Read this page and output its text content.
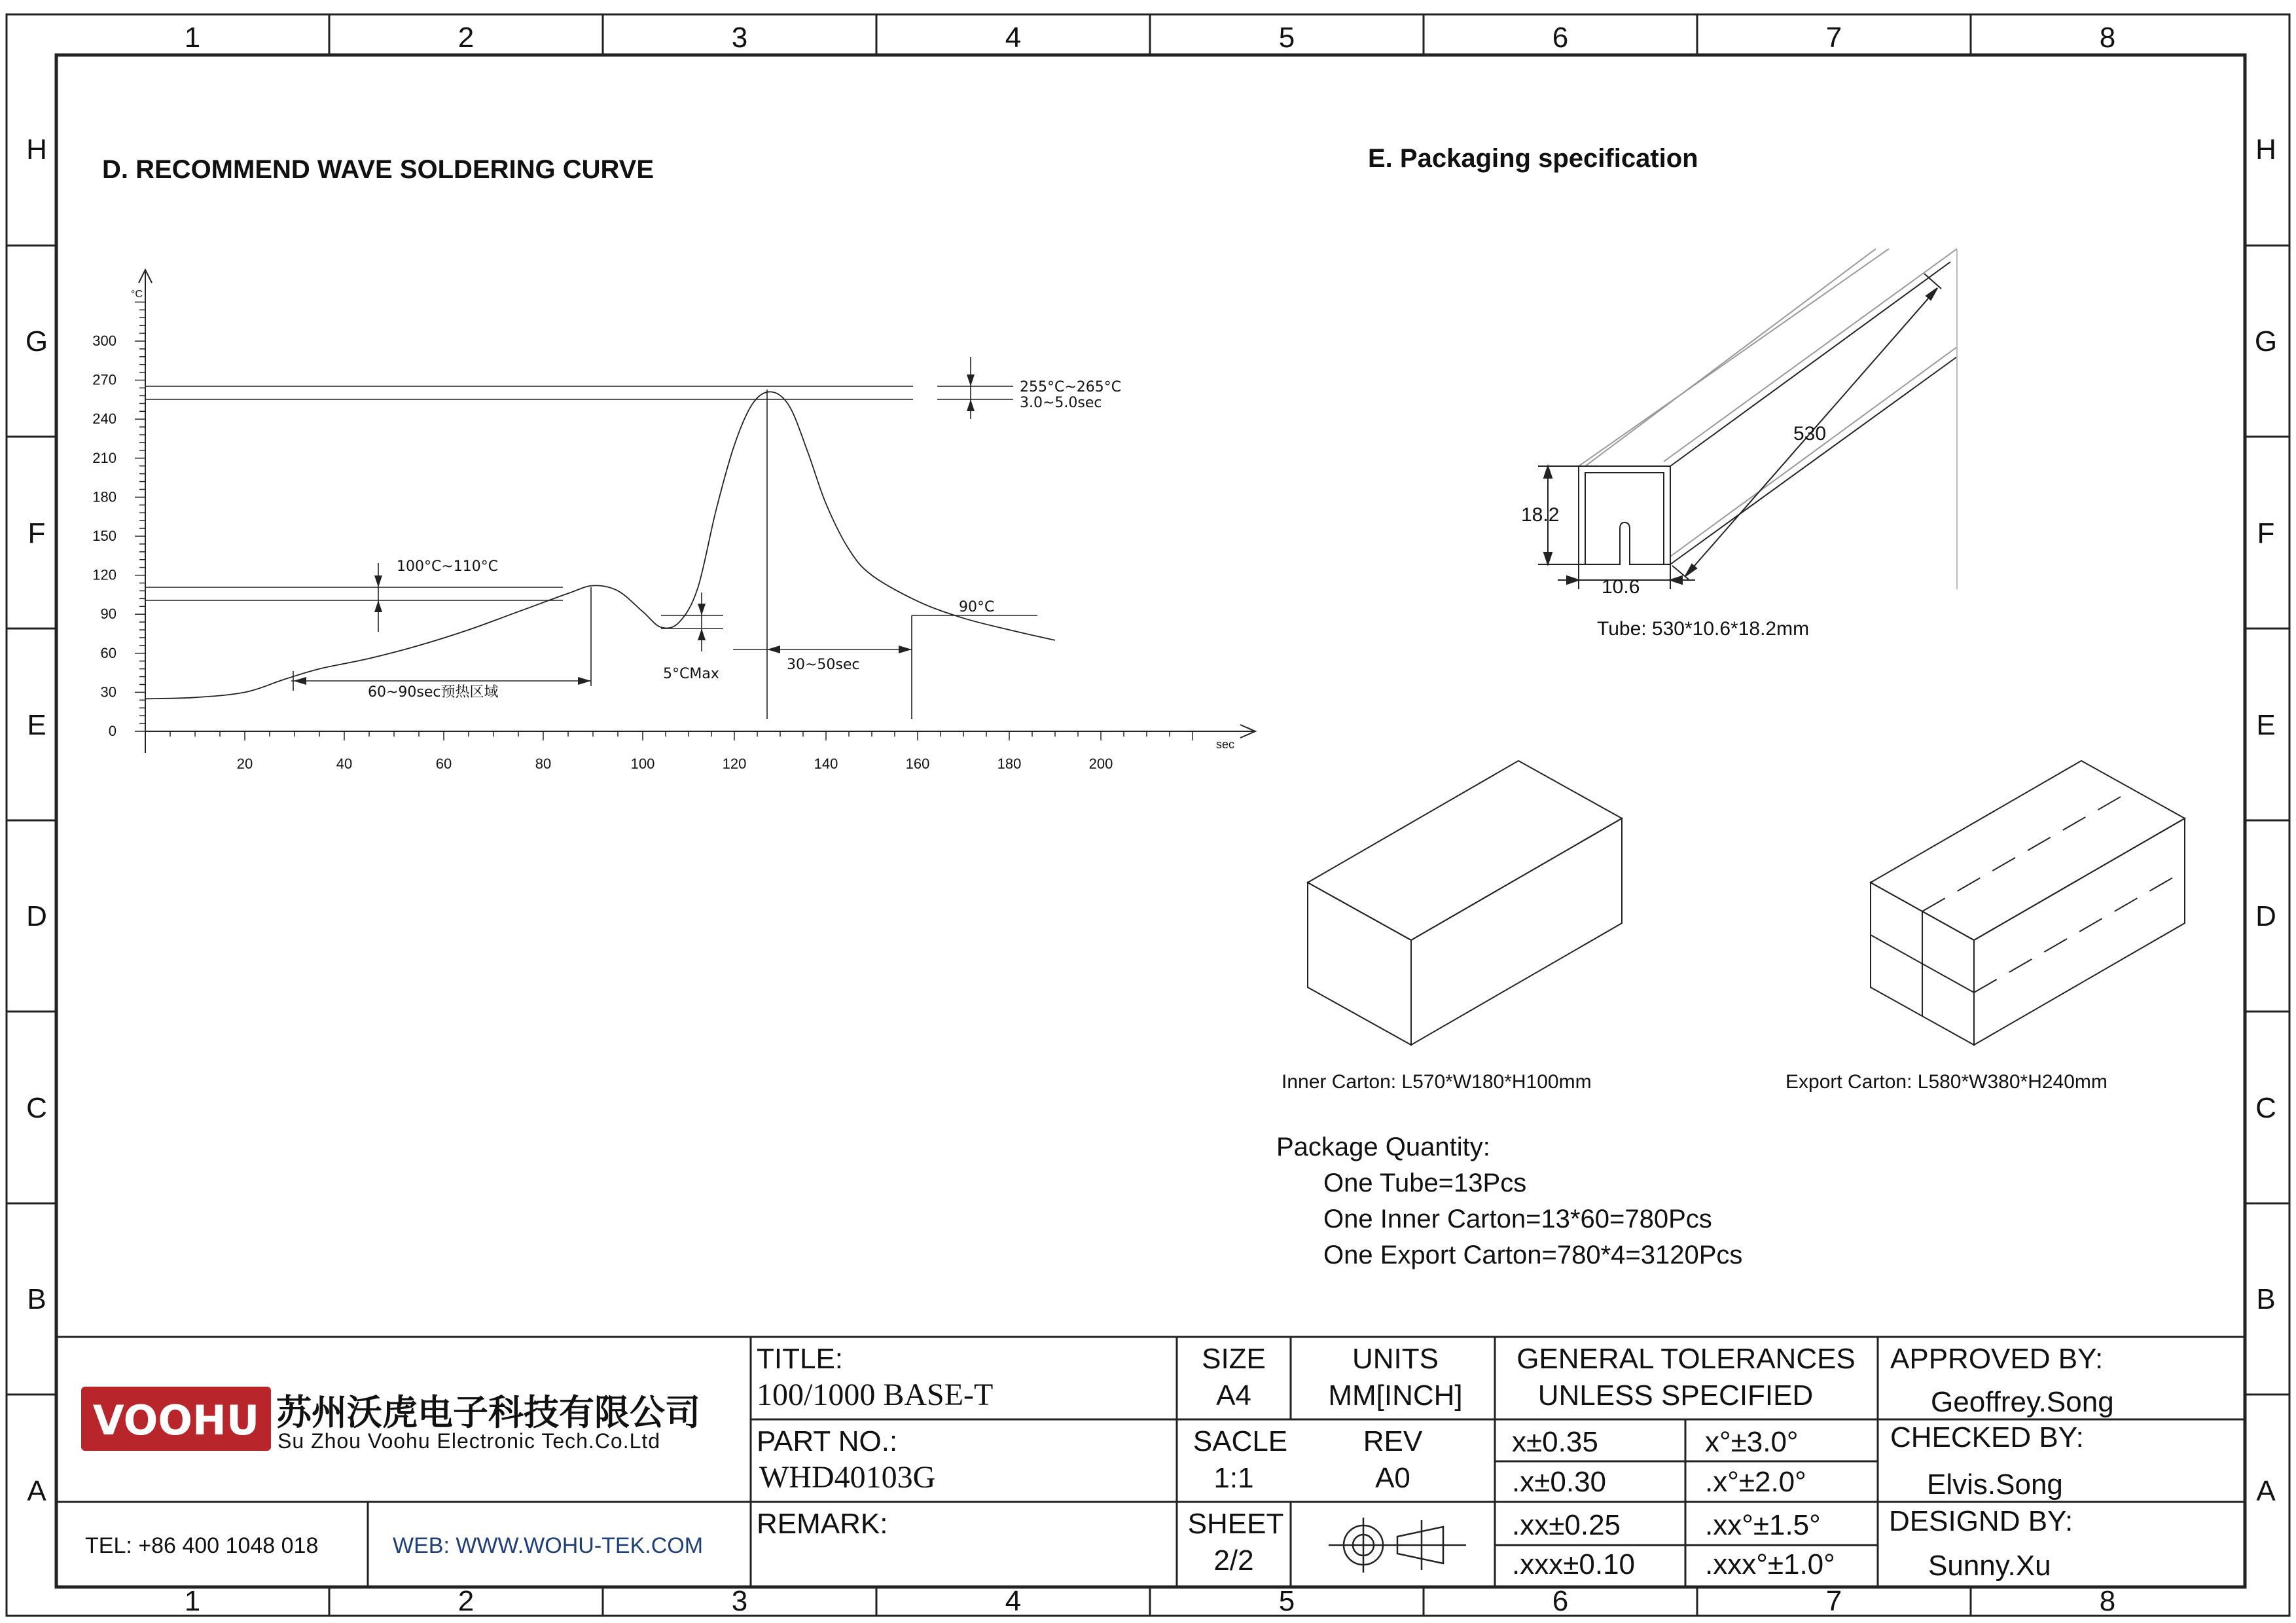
1	2	3	4	5	6	7	8
1	2	3	4	5	6	7	8
H
G
F
E
D
C
B
A
H
G
F
E
D
C
B
A
D. RECOMMEND WAVE SOLDERING CURVE
°C
sec
300
270
240
210
180
150
120
90
60
30
0
20	40	60	80	100	120	140	160	180	200
255°C~265°C
3.0~5.0sec
100°C~110°C
60~90sec预热区域
5°CMax
30~50sec
90°C
E. Packaging specification
530
18.2
10.6
Tube: 530*10.6*18.2mm
Inner Carton: L570*W180*H100mm	Export Carton: L580*W380*H240mm
Package Quantity:
One Tube=13Pcs
One Inner Carton=13*60=780Pcs
One Export Carton=780*4=3120Pcs
VOOHU 苏州沃虎电子科技有限公司
Su Zhou Voohu Electronic Tech.Co.Ltd
TEL: +86 400 1048 018	WEB: WWW.WOHU-TEK.COM
TITLE:
100/1000 BASE-T
PART NO.:
WHD40103G
REMARK:
SIZE
A4
UNITS
MM[INCH]
SACLE
1:1
REV
A0
SHEET
2/2
GENERAL TOLERANCES
UNLESS SPECIFIED
x±0.35	x°±3.0°
.x±0.30	.x°±2.0°
.xx±0.25	.xx°±1.5°
.xxx±0.10 .xxx°±1.0°
APPROVED BY:
Geoffrey.Song
CHECKED BY:
Elvis.Song
DESIGND BY:
Sunny.Xu
